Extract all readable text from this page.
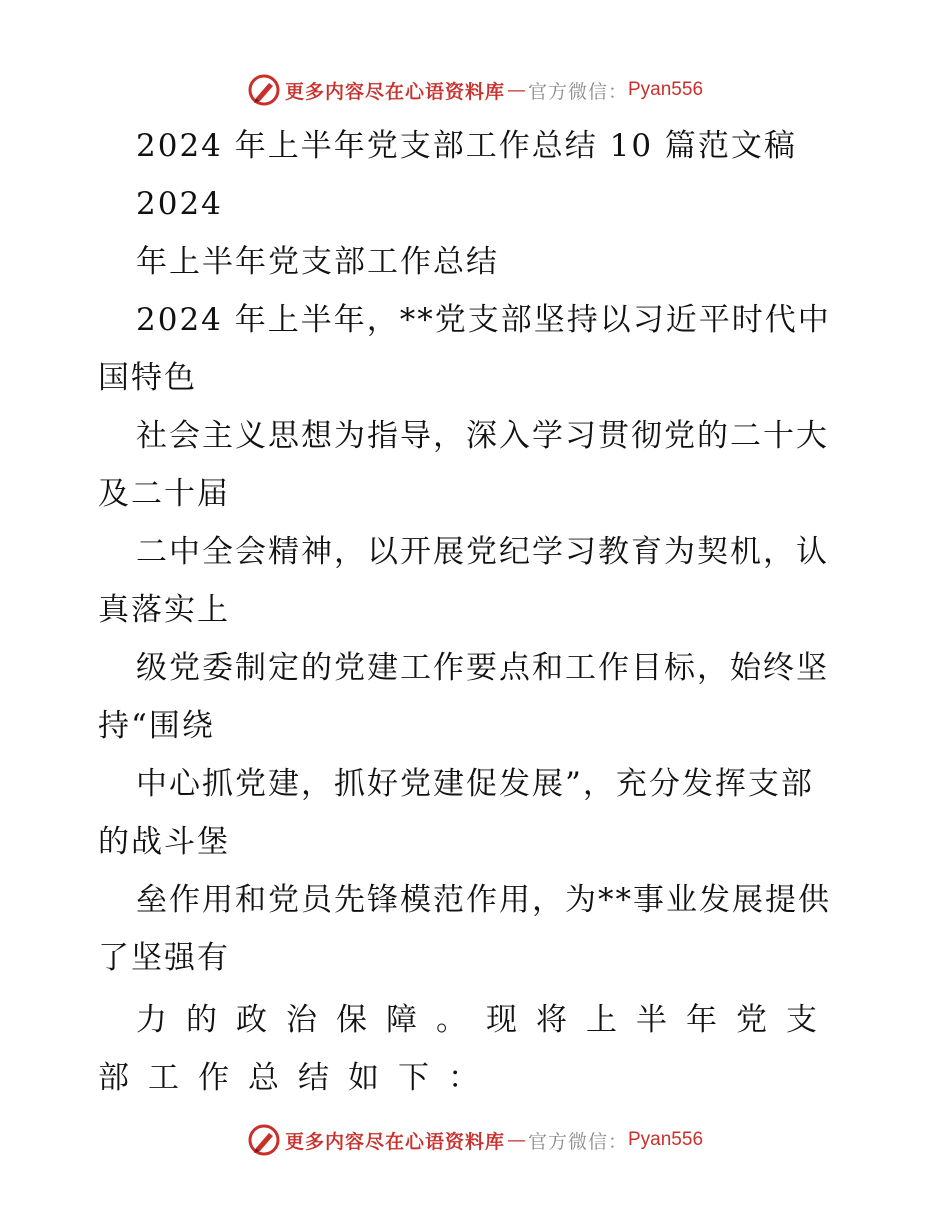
更多内容尽在心语资料库 — 官方微信： Pyan556
2024 年上半年党支部工作总结 10 篇范文稿
2024
年上半年党支部工作总结
2024 年上半年，**党支部坚持以习近平时代中
国特色
社会主义思想为指导，深入学习贯彻党的二十大
及二十届
二中全会精神，以开展党纪学习教育为契机，认
真落实上
级党委制定的党建工作要点和工作目标，始终坚
持“围绕
中心抓党建，抓好党建促发展”，充分发挥支部
的战斗堡
垒作用和党员先锋模范作用，为**事业发展提供
了坚强有
力的政治保障。现将上半年党支
部工作总结如下：
更多内容尽在心语资料库 — 官方微信： Pyan556
